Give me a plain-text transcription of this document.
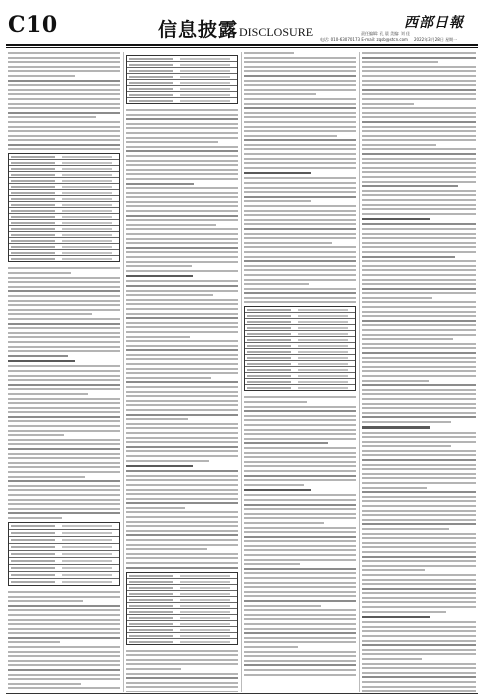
C10	信息披露DISCLOSURE
西部日報
责任编辑: 孔 晨 美编: 刘 佳
电话: 010-63070173 E-mail: zqsb@stcn.com	2022年3月28日 星期一
